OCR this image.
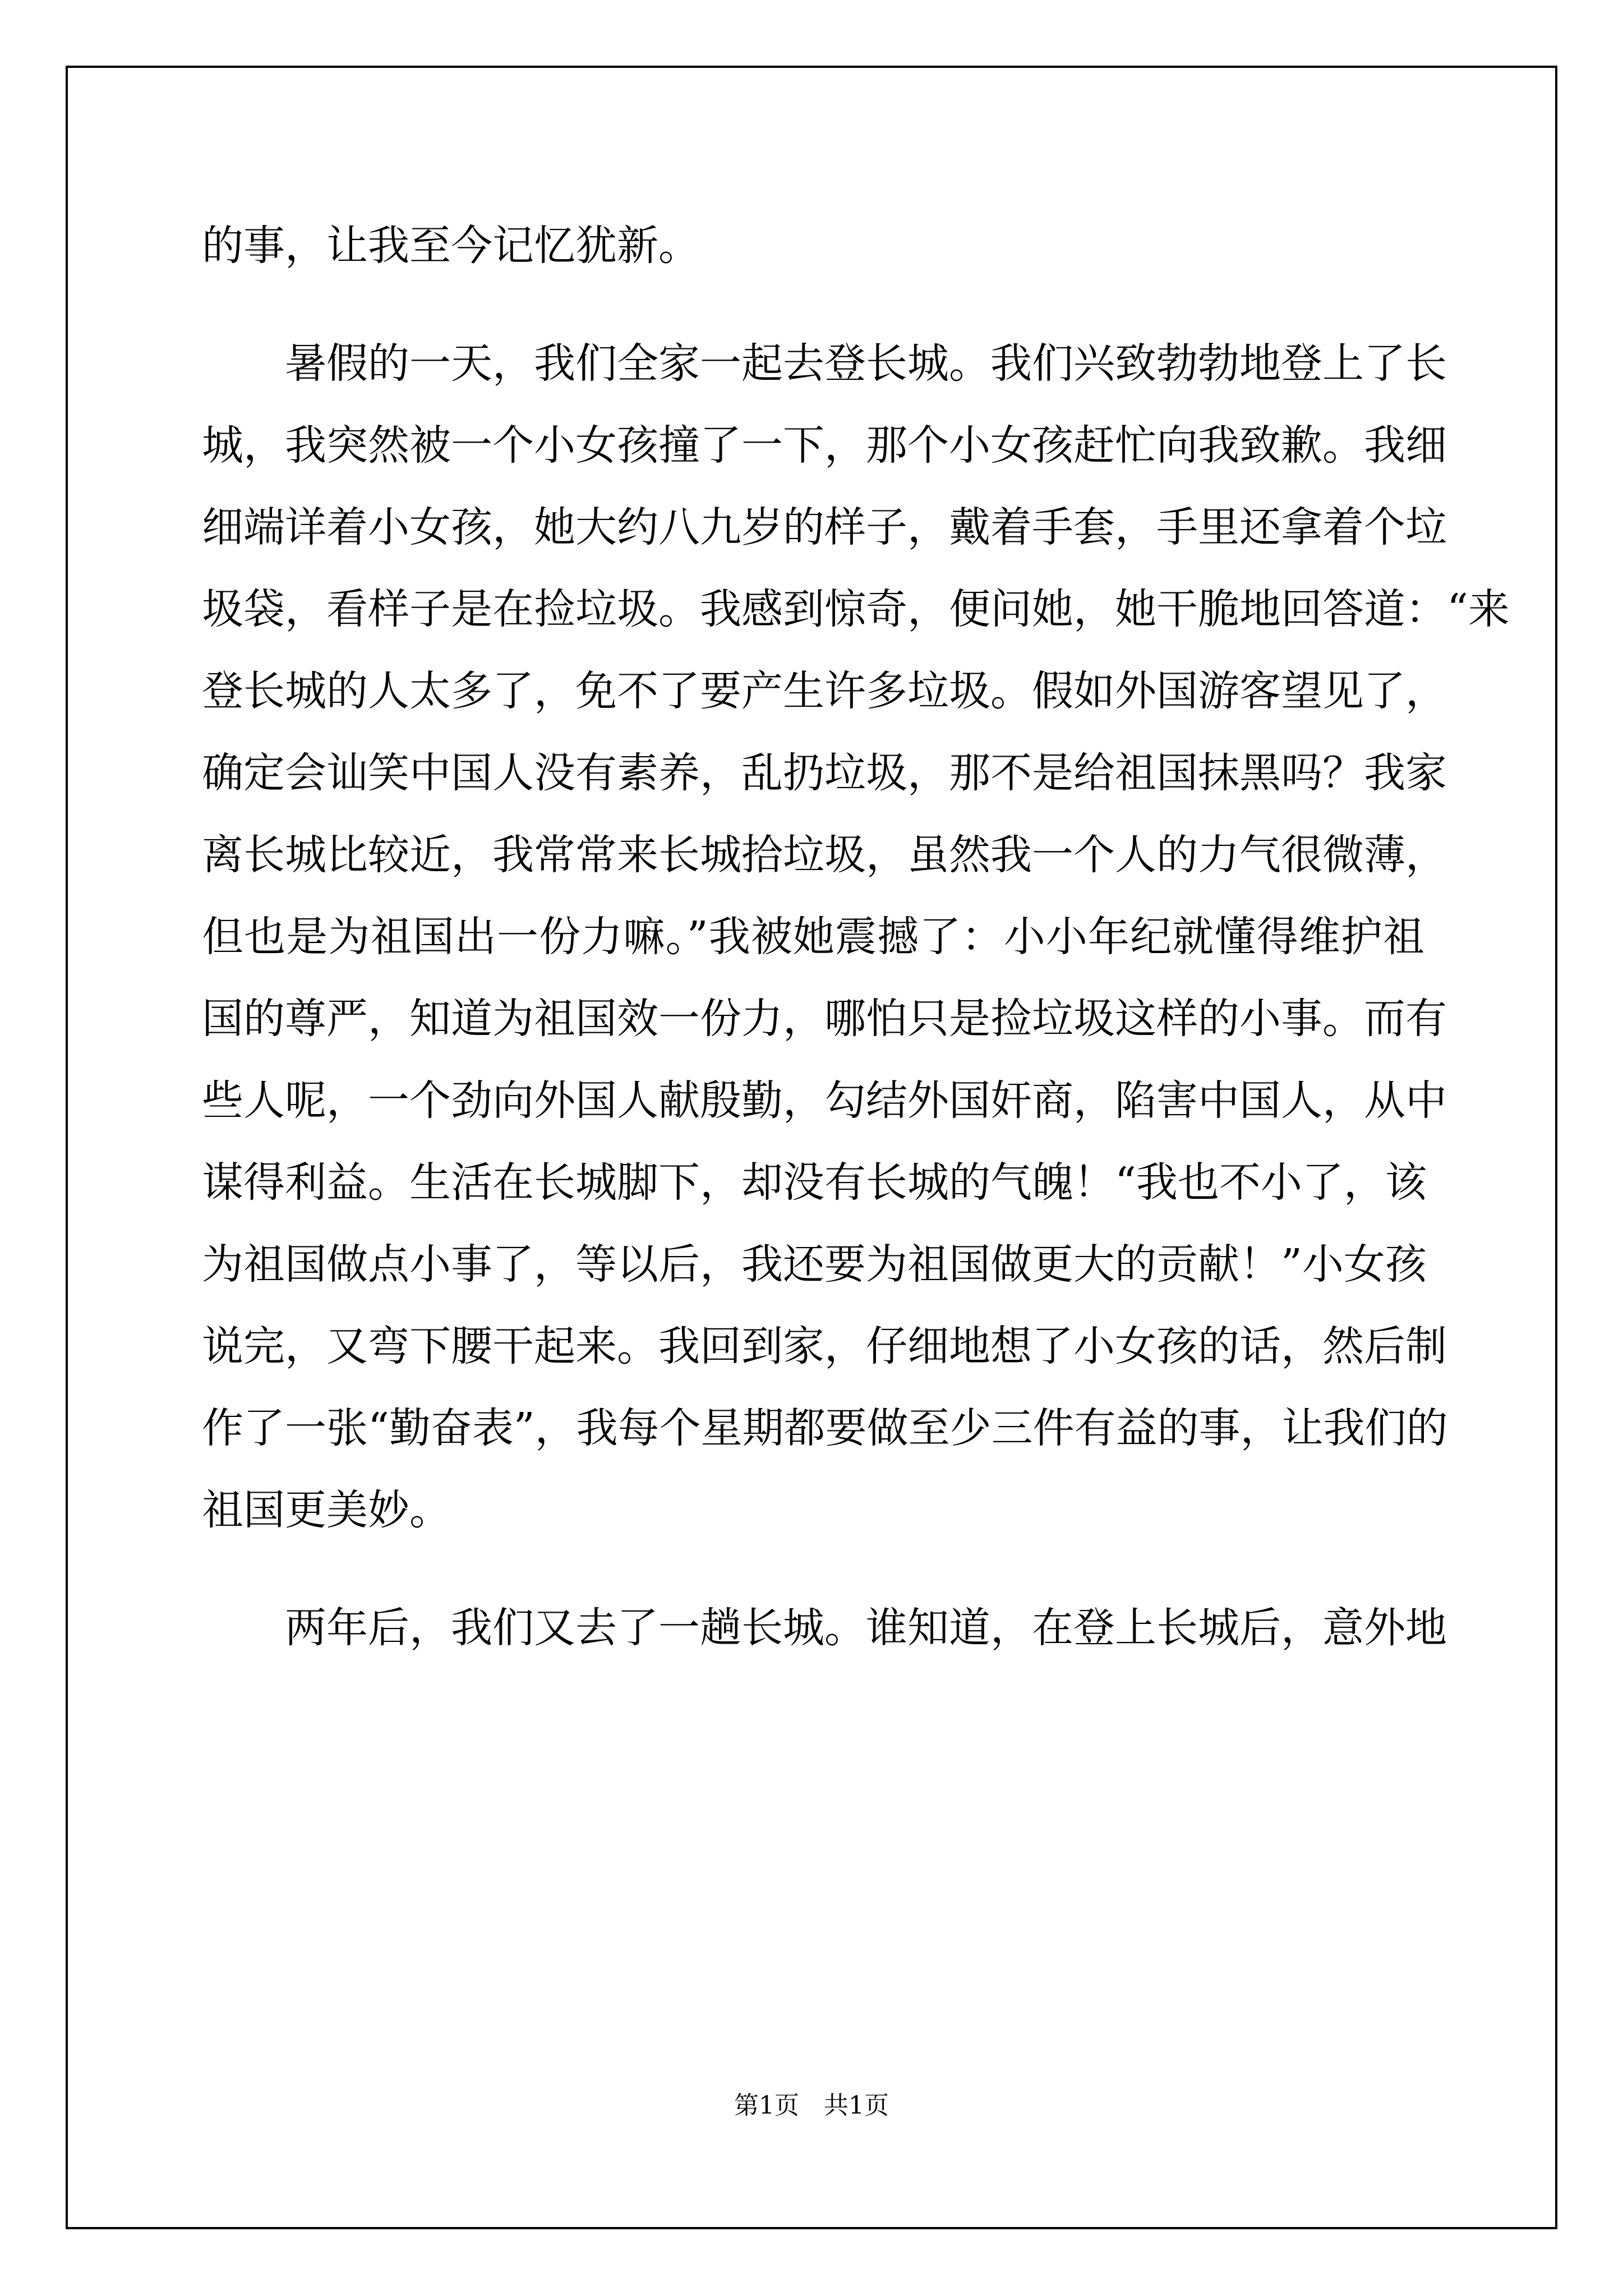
的事，让我至今记忆犹新。
暑假的一天，我们全家一起去登长城。我们兴致勃勃地登上了长
城，我突然被一个小女孩撞了一下，那个小女孩赶忙向我致歉。我细
细端详着小女孩，她大约八九岁的样子，戴着手套，手里还拿着个垃
圾袋，看样子是在捡垃圾。我感到惊奇，便问她，她干脆地回答道：“来
登长城的人太多了，免不了要产生许多垃圾。假如外国游客望见了，
确定会讪笑中国人没有素养，乱扔垃圾，那不是给祖国抹黑吗？我家
离长城比较近，我常常来长城拾垃圾，虽然我一个人的力气很微薄，
但也是为祖国出一份力嘛。”我被她震撼了：小小年纪就懂得维护祖
国的尊严，知道为祖国效一份力，哪怕只是捡垃圾这样的小事。而有
些人呢，一个劲向外国人献殷勤，勾结外国奸商，陷害中国人，从中
谋得利益。生活在长城脚下，却没有长城的气魄！“我也不小了，该
为祖国做点小事了，等以后，我还要为祖国做更大的贡献！”小女孩
说完，又弯下腰干起来。我回到家，仔细地想了小女孩的话，然后制
作了一张“勤奋表”，我每个星期都要做至少三件有益的事，让我们的
祖国更美妙。
两年后，我们又去了一趟长城。谁知道，在登上长城后，意外地
第1页　共1页
